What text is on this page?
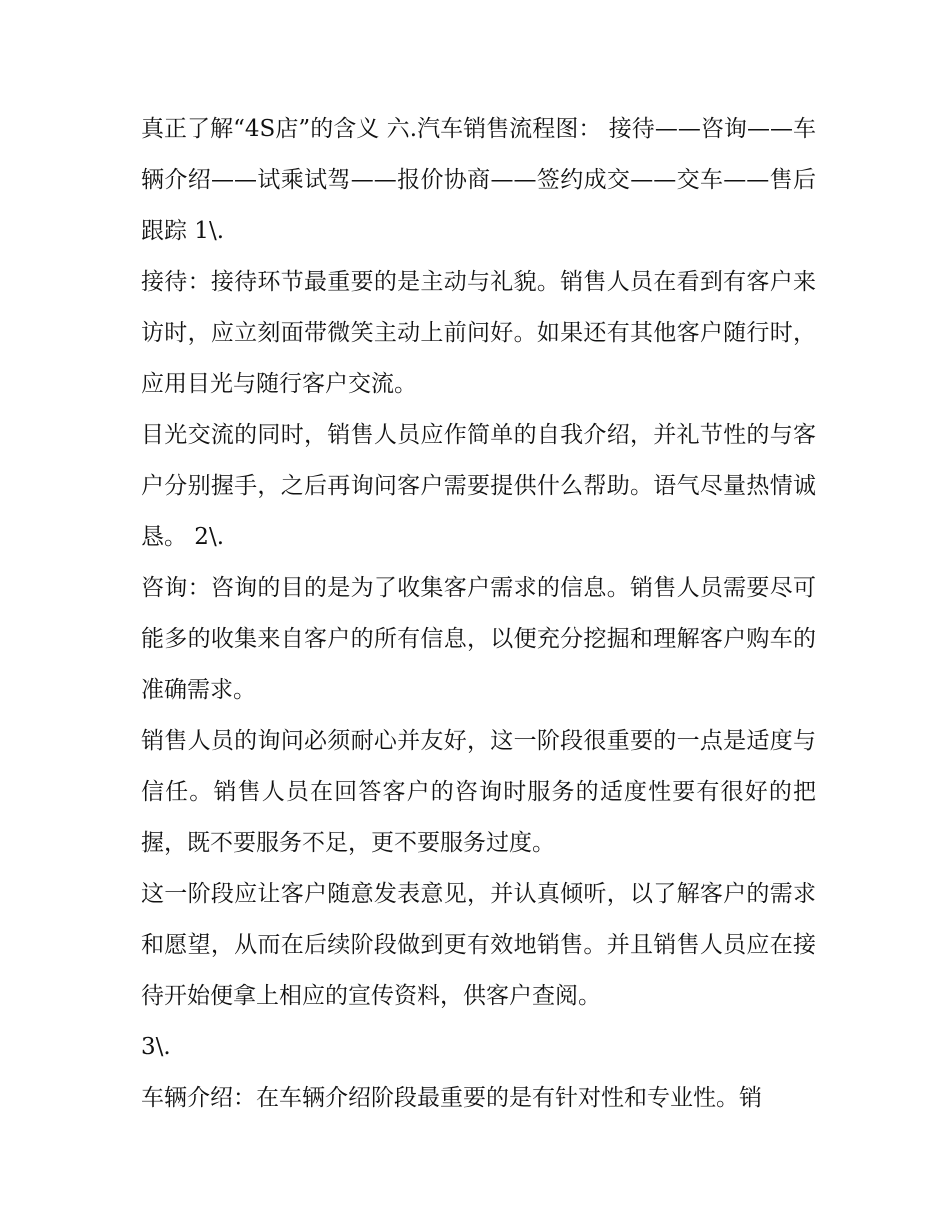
真正了解“4S店”的含义 六.汽车销售流程图： 接待——咨询——车辆介绍——试乘试驾——报价协商——签约成交——交车——售后跟踪 1\.

接待：接待环节最重要的是主动与礼貌。销售人员在看到有客户来访时，应立刻面带微笑主动上前问好。如果还有其他客户随行时，应用目光与随行客户交流。

目光交流的同时，销售人员应作简单的自我介绍，并礼节性的与客户分别握手，之后再询问客户需要提供什么帮助。语气尽量热情诚恳。 2\.

咨询：咨询的目的是为了收集客户需求的信息。销售人员需要尽可能多的收集来自客户的所有信息，以便充分挖掘和理解客户购车的准确需求。

销售人员的询问必须耐心并友好，这一阶段很重要的一点是适度与信任。销售人员在回答客户的咨询时服务的适度性要有很好的把握，既不要服务不足，更不要服务过度。

这一阶段应让客户随意发表意见，并认真倾听，以了解客户的需求和愿望，从而在后续阶段做到更有效地销售。并且销售人员应在接待开始便拿上相应的宣传资料，供客户查阅。

3\.

车辆介绍：在车辆介绍阶段最重要的是有针对性和专业性。销
